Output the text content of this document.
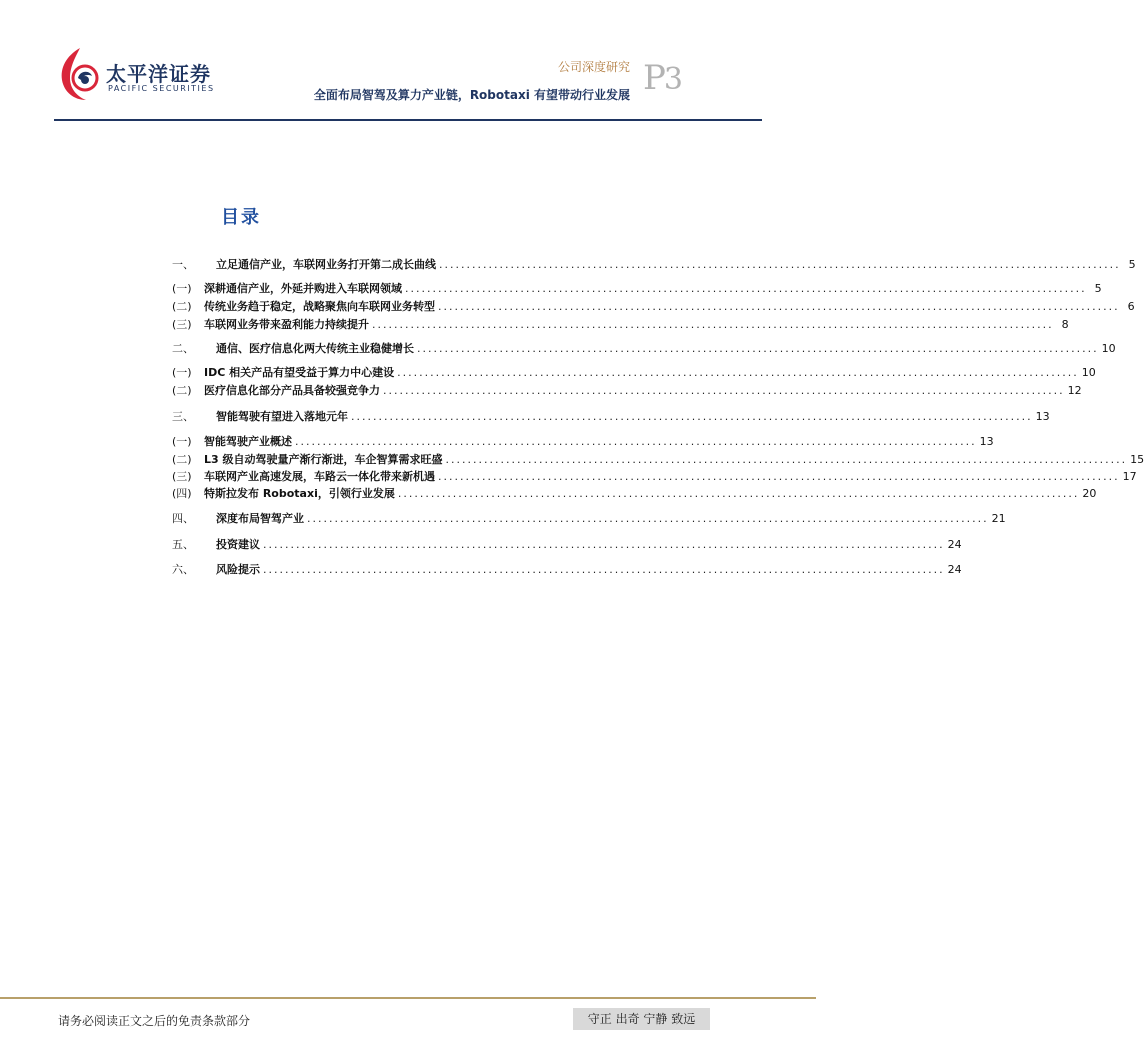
太平洋证券
PACIFIC SECURITIES
公司深度研究
全面布局智驾及算力产业链，Robotaxi 有望带动行业发展 P3
目录
一、	立足通信产业，车联网业务打开第二成长曲线 ............................................................................................................................ 5
(一)	深耕通信产业，外延并购进入车联网领域 ............................................................................................................................ 5
(二)	传统业务趋于稳定，战略聚焦向车联网业务转型 ............................................................................................................................ 6
(三)	车联网业务带来盈利能力持续提升 ............................................................................................................................ 8
二、	通信、医疗信息化两大传统主业稳健增长 ............................................................................................................................ 10
(一)	IDC 相关产品有望受益于算力中心建设 ............................................................................................................................ 10
(二)	医疗信息化部分产品具备较强竞争力 ............................................................................................................................ 12
三、	智能驾驶有望进入落地元年 ............................................................................................................................ 13
(一)	智能驾驶产业概述 ............................................................................................................................ 13
(二)	L3 级自动驾驶量产渐行渐进，车企智算需求旺盛 ............................................................................................................................ 15
(三)	车联网产业高速发展，车路云一体化带来新机遇 ............................................................................................................................ 17
(四)	特斯拉发布 Robotaxi，引领行业发展 ............................................................................................................................ 20
四、	深度布局智驾产业 ............................................................................................................................ 21
五、	投资建议 ............................................................................................................................ 24
六、	风险提示 ............................................................................................................................ 24
请务必阅读正文之后的免责条款部分	守正 出奇 宁静 致远
